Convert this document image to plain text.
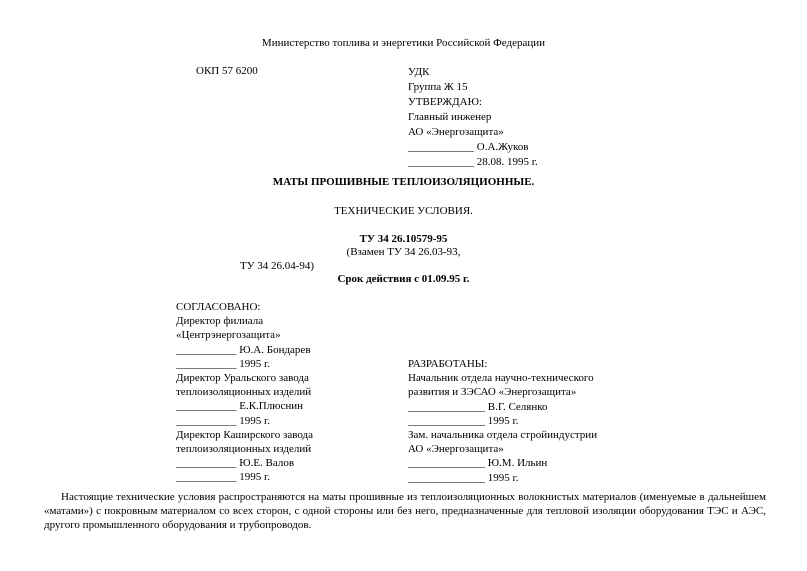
Министерство топлива и энергетики Российской Федерации
ОКП 57 6200	УДК
Группа Ж 15
УТВЕРЖДАЮ:
Главный инженер
АО «Энергозащита»
____________ О.А.Жуков
____________ 28.08. 1995 г.
МАТЫ ПРОШИВНЫЕ ТЕПЛОИЗОЛЯЦИОННЫЕ.
ТЕХНИЧЕСКИЕ УСЛОВИЯ.
ТУ 34 26.10579-95
(Взамен ТУ 34 26.03-93,
ТУ 34 26.04-94)
Срок действия с 01.09.95 г.
СОГЛАСОВАНО:
Директор филиала
«Центрэнергозащита»
___________ Ю.А. Бондарев
___________ 1995 г.
Директор Уральского завода
теплоизоляционных изделий
___________ Е.К.Плюснин
___________ 1995 г.
Директор Каширского завода
теплоизоляционных изделий
___________ Ю.Е. Валов
___________ 1995 г.
РАЗРАБОТАНЫ:
Начальник отдела научно-технического
развития и ЗЭСАО «Энергозащита»
______________ В.Г. Селянко
______________ 1995 г.
Зам. начальника отдела стройиндустрии
АО «Энергозащита»
______________ Ю.М. Ильин
______________ 1995 г.
Настоящие технические условия распространяются на маты прошивные из теплоизоляционных волокнистых материалов (именуемые в дальнейшем «матами») с покровным материалом со всех сторон, с одной стороны или без него, предназначенные для тепловой изоляции оборудования ТЭС и АЭС, другого промышленного оборудования и трубопроводов.
